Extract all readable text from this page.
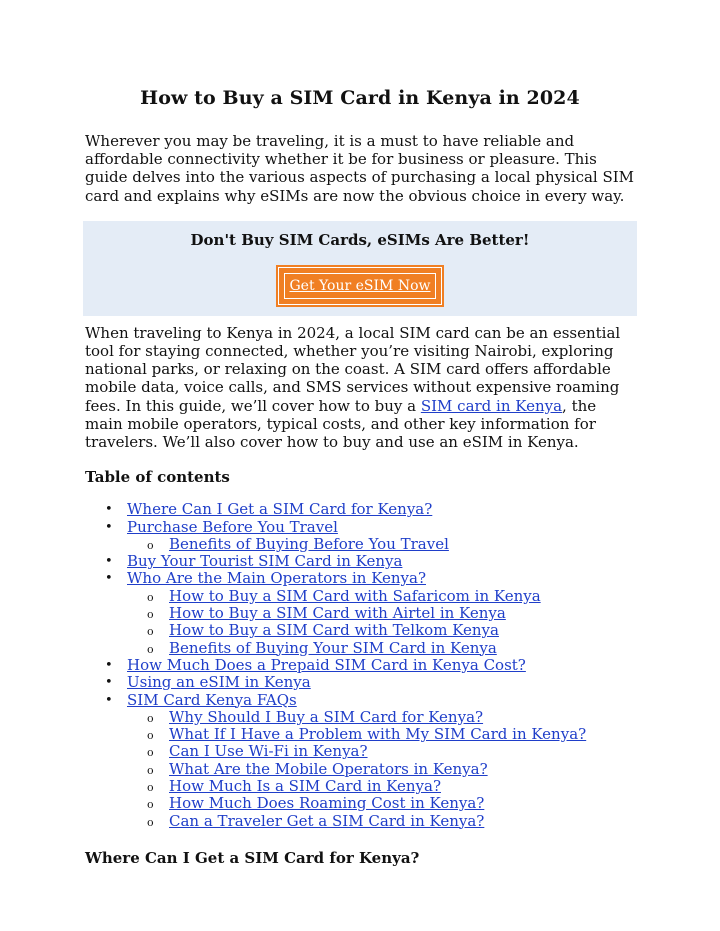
How to Buy a SIM Card in Kenya in 2024

Wherever you may be traveling, it is a must to have reliable and affordable connectivity whether it be for business or pleasure. This guide delves into the various aspects of purchasing a local physical SIM card and explains why eSIMs are now the obvious choice in every way.

Don't Buy SIM Cards, eSIMs Are Better!
Get Your eSIM Now

When traveling to Kenya in 2024, a local SIM card can be an essential tool for staying connected, whether you’re visiting Nairobi, exploring national parks, or relaxing on the coast. A SIM card offers affordable mobile data, voice calls, and SMS services without expensive roaming fees. In this guide, we’ll cover how to buy a SIM card in Kenya, the main mobile operators, typical costs, and other key information for travelers. We’ll also cover how to buy and use an eSIM in Kenya.

Table of contents
• Where Can I Get a SIM Card for Kenya?
• Purchase Before You Travel
o Benefits of Buying Before You Travel
• Buy Your Tourist SIM Card in Kenya
• Who Are the Main Operators in Kenya?
o How to Buy a SIM Card with Safaricom in Kenya
o How to Buy a SIM Card with Airtel in Kenya
o How to Buy a SIM Card with Telkom Kenya
o Benefits of Buying Your SIM Card in Kenya
• How Much Does a Prepaid SIM Card in Kenya Cost?
• Using an eSIM in Kenya
• SIM Card Kenya FAQs
o Why Should I Buy a SIM Card for Kenya?
o What If I Have a Problem with My SIM Card in Kenya?
o Can I Use Wi-Fi in Kenya?
o What Are the Mobile Operators in Kenya?
o How Much Is a SIM Card in Kenya?
o How Much Does Roaming Cost in Kenya?
o Can a Traveler Get a SIM Card in Kenya?
Where Can I Get a SIM Card for Kenya?
